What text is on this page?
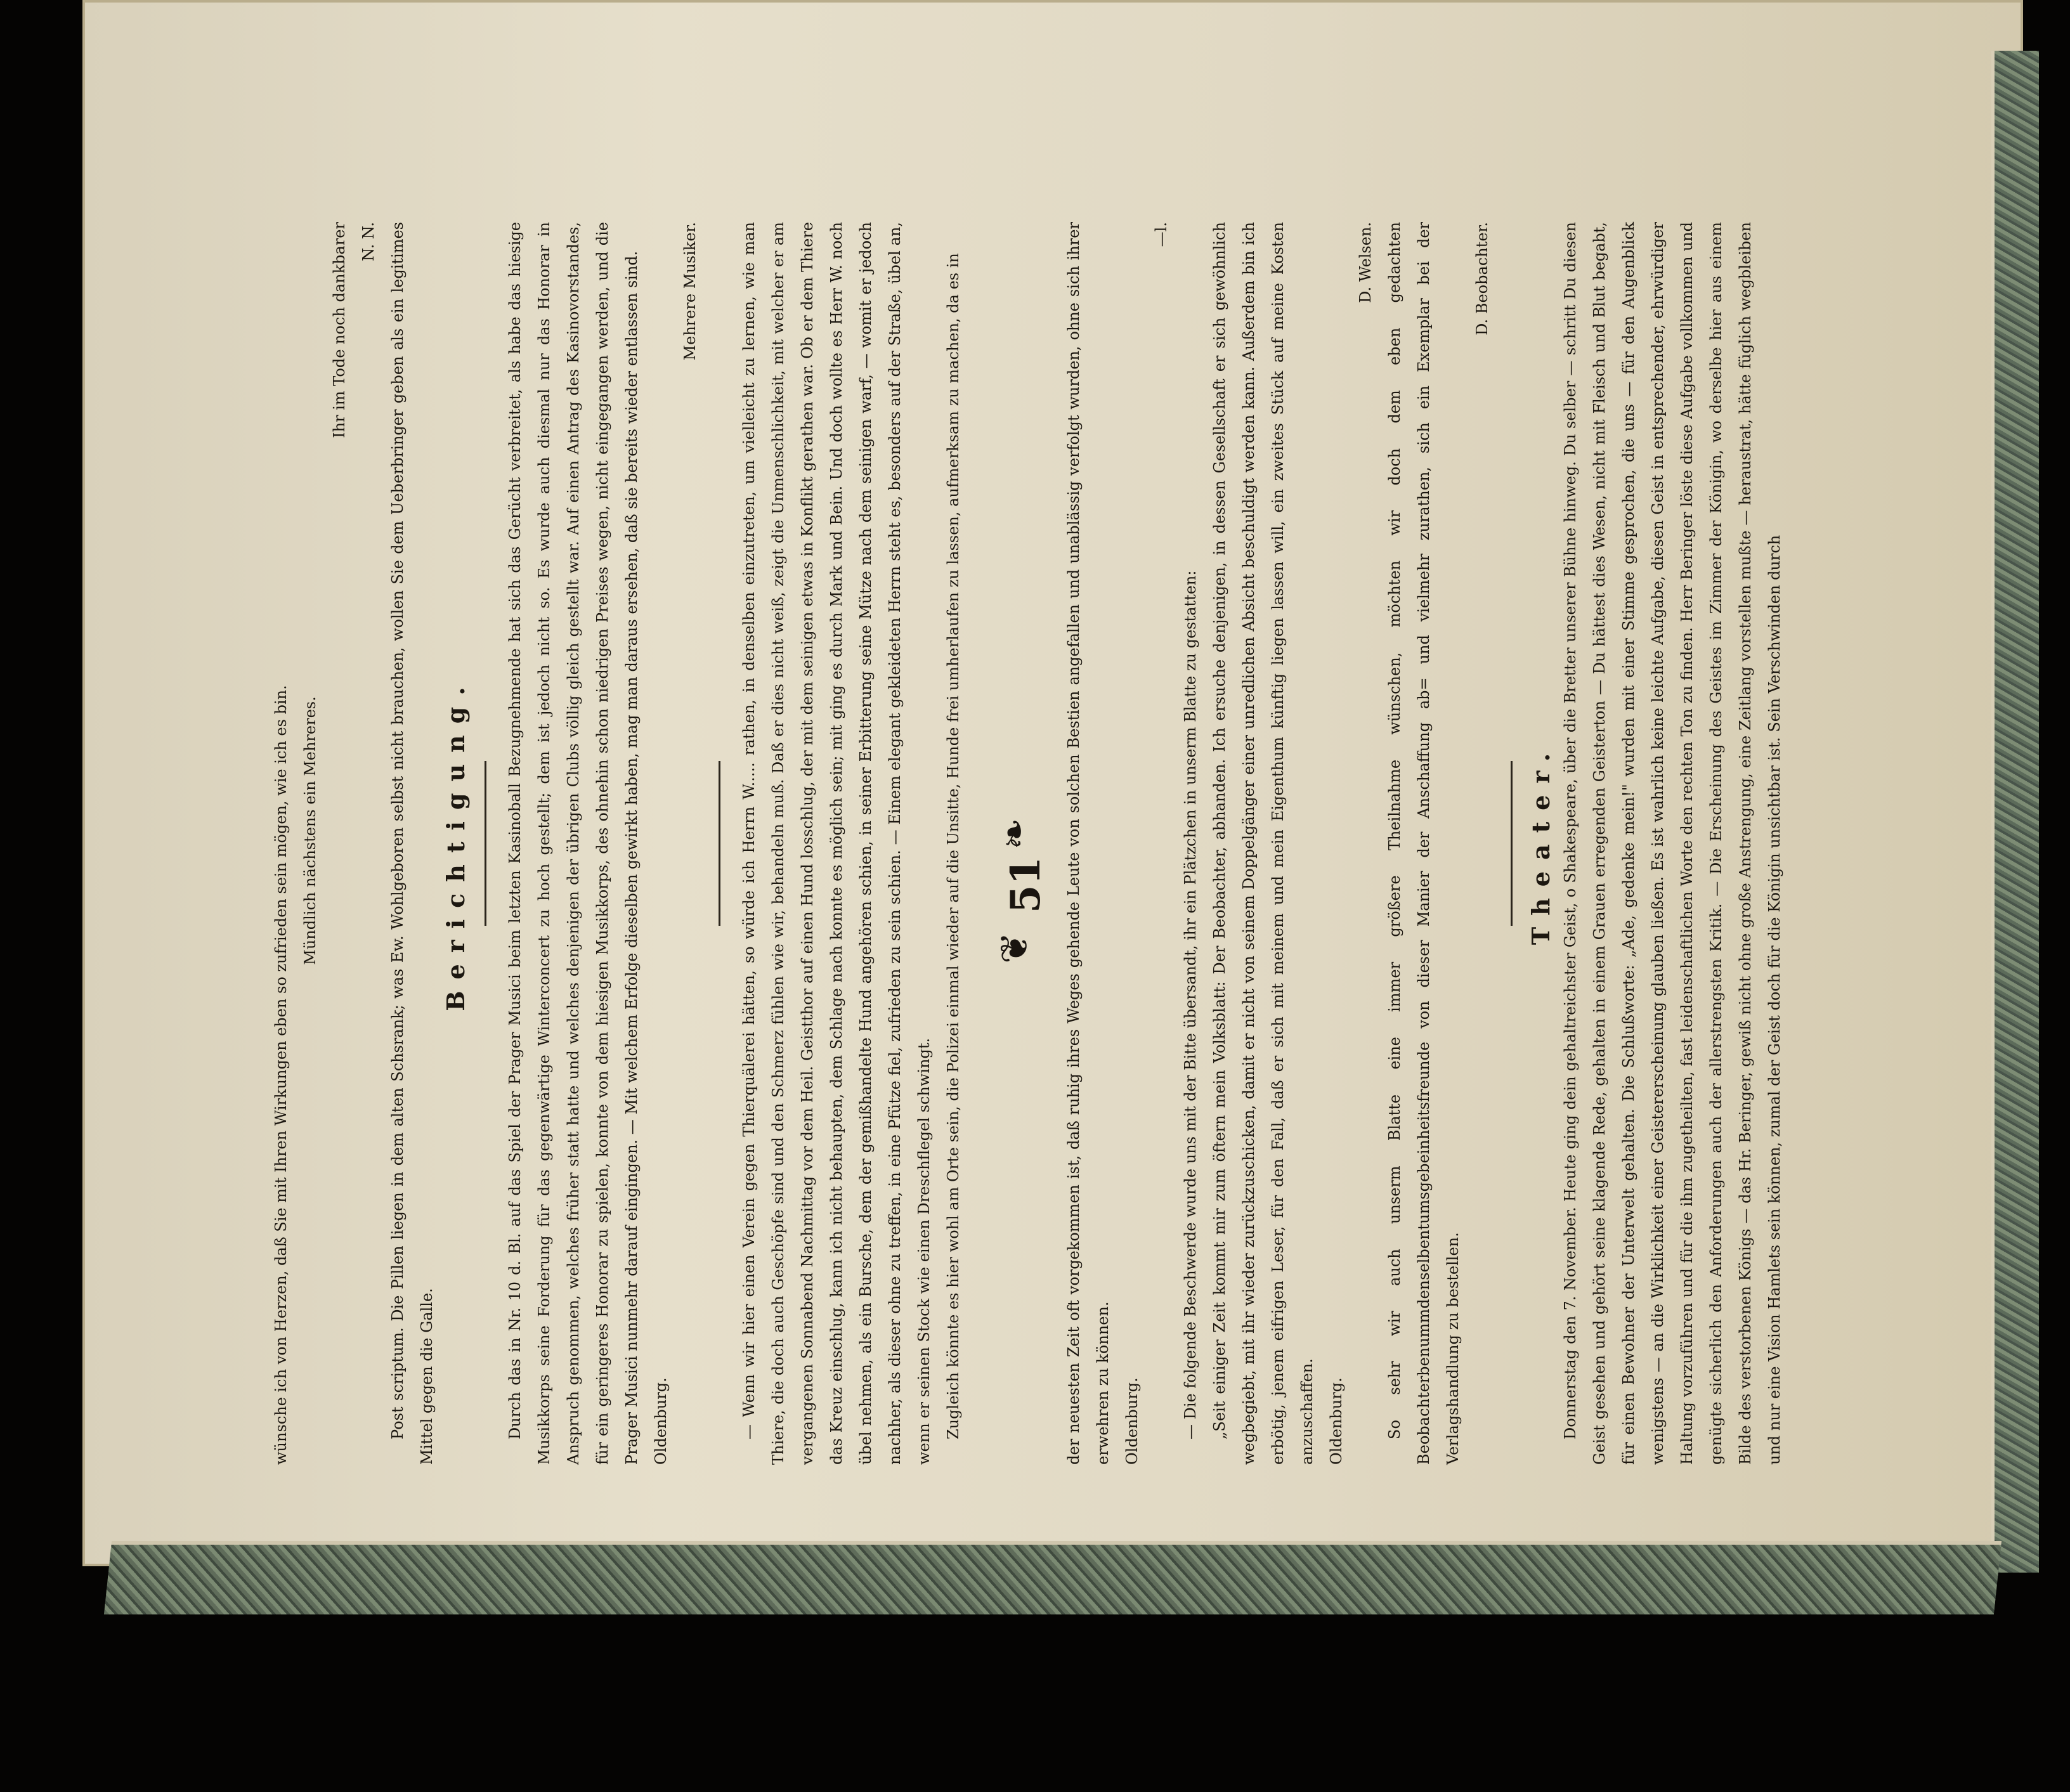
51
❦
❧

wünsche ich von Herzen, daß Sie mit Ihren Wirkungen eben so zufrieden sein mögen, wie ich es bin. Mündlich nächstens ein Mehreres.

Ihr im Tode noch dankbarer N. N. Post scriptum. Die Pillen liegen in dem alten Schsrank; was Ew. Wohlgeboren selbst nicht brauchen, wollen Sie dem Ueberbringer geben als ein legitimes Mittel gegen die Galle.

Berichtigung.	Durch das in Nr. 10 d. Bl. auf das Spiel der Prager Musici beim letzten Kasinoball Bezugnehmende hat sich das Gerücht verbreitet, als habe das hiesige Musikkorps seine Forderung für das gegenwärtige Winterconcert zu hoch gestellt; dem ist jedoch nicht so. Es wurde auch diesmal nur das Honorar in Anspruch genommen, welches früher statt hatte und welches denjenigen der übrigen Clubs völlig gleich gestellt war. Auf einen Antrag des Kasinovorstandes, für ein geringeres Honorar zu spielen, konnte von dem hiesigen Musikkorps, des ohnehin schon niedrigen Preises wegen, nicht eingegangen werden, und die Prager Musici nunmehr darauf eingingen. — Mit welchem Erfolge dieselben gewirkt haben, mag man daraus ersehen, daß sie bereits wieder entlassen sind. Oldenburg.

Mehrere Musiker.	— Wenn wir hier einen Verein gegen Thierquälerei hätten, so würde ich Herrn W..... rathen, in denselben einzutreten, um vielleicht zu lernen, wie man Thiere, die doch auch Geschöpfe sind und den Schmerz fühlen wie wir, behandeln muß. Daß er dies nicht weiß, zeigt die Unmenschlichkeit, mit welcher er am vergangenen Sonnabend Nachmittag vor dem Heil. Geistthor auf einen Hund losschlug, der mit dem seinigen etwas in Konflikt gerathen war. Ob er dem Thiere das Kreuz einschlug, kann ich nicht behaupten, dem Schlage nach konnte es möglich sein; mit ging es durch Mark und Bein. Und doch wollte es Herr W. noch übel nehmen, als ein Bursche, dem der gemißhandelte Hund angehören schien, in seiner Erbitterung seine Mütze nach dem seinigen warf, — womit er jedoch nachher, als dieser ohne zu treffen, in eine Pfütze fiel, zufrieden zu sein schien. — Einem elegant gekleideten Herrn steht es, besonders auf der Straße, übel an, wenn er seinen Stock wie einen Dreschflegel schwingt. Zugleich könnte es hier wohl am Orte sein, die Polizei einmal wieder auf die Unsitte, Hunde frei umherlaufen zu lassen, aufmerksam zu machen, da es in	der neuesten Zeit oft vorgekommen ist, daß ruhig ihres Weges gehende Leute von solchen Bestien angefallen und unablässig verfolgt wurden, ohne sich ihrer erwehren zu können. Oldenburg.

—l.

— Die folgende Beschwerde wurde uns mit der Bitte übersandt, ihr ein Plätzchen in unserm Blatte zu gestatten: „Seit einiger Zeit kommt mir zum öftern mein Volksblatt: Der Beobachter, abhanden. Ich ersuche denjenigen, in dessen Gesellschaft er sich gewöhnlich wegbegiebt, mit ihr wieder zurückzuschicken, damit er nicht von seinem Doppelgänger einer unredlichen Absicht beschuldigt werden kann. Außerdem bin ich erbötig, jenem eifrigen Leser, für den Fall, daß er sich mit meinem und mein Eigenthum künftig liegen lassen will, ein zweites Stück auf meine Kosten anzuschaffen. Oldenburg.

D. Welsen. So sehr wir auch unserm Blatte eine immer größere Theilnahme wünschen, möchten wir doch dem eben gedachten Beobachterbenummdenselbentumsgebeinheitsfreunde von dieser Manier der Anschaffung ab= und vielmehr zurathen, sich ein Exemplar bei der Verlagshandlung zu bestellen.

D. Beobachter.

Theater. Donnerstag den 7. November. Heute ging dein gehaltreichster Geist, o Shakespeare, über die Bretter unserer Bühne hinweg. Du selber — schritt Du diesen Geist gesehen und gehört seine klagende Rede, gehalten in einem Grauen erregenden Geisterton — Du hättest dies Wesen, nicht mit Fleisch und Blut begabt, für einen Bewohner der Unterwelt gehalten. Die Schlußworte: „Ade, gedenke mein!" wurden mit einer Stimme gesprochen, die uns — für den Augenblick wenigstens — an die Wirklichkeit einer Geistererscheinung glauben ließen. Es ist wahrlich keine leichte Aufgabe, diesen Geist in entsprechender, ehrwürdiger Haltung vorzuführen und für die ihm zugetheilten, fast leidenschaftlichen Worte den rechten Ton zu finden. Herr Beringer löste diese Aufgabe vollkommen und genügte sicherlich den Anforderungen auch der allerstrengsten Kritik. — Die Erscheinung des Geistes im Zimmer der Königin, wo derselbe hier aus einem Bilde des verstorbenen Königs — das Hr. Beringer, gewiß nicht ohne große Anstrengung, eine Zeitlang vorstellen mußte — heraustrat, hätte füglich wegbleiben und nur eine Vision Hamlets sein können, zumal der Geist doch für die Königin unsichtbar ist. Sein Verschwinden durch
